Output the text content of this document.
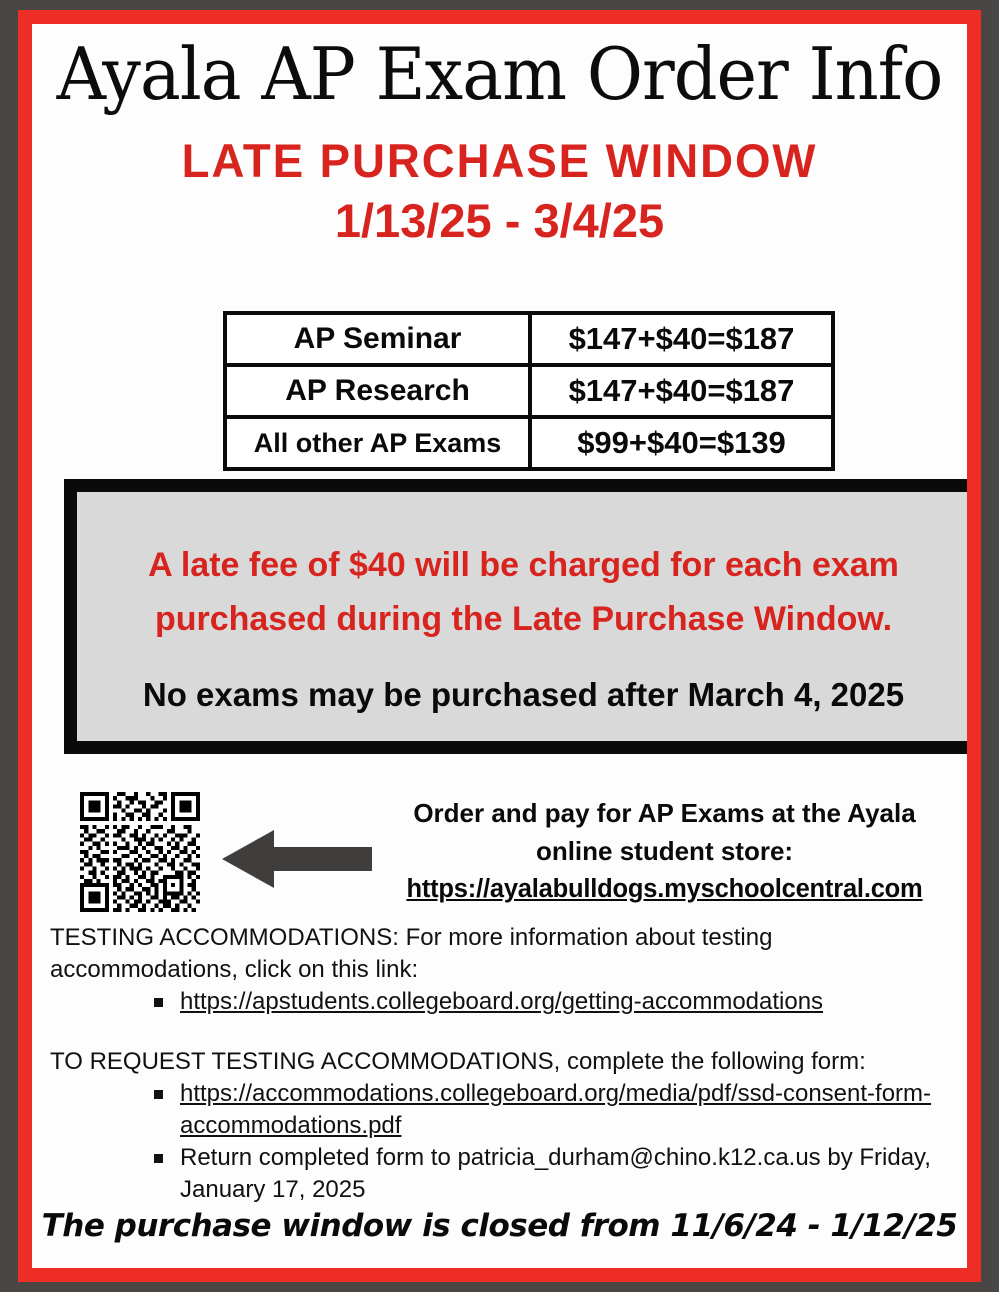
Ayala AP Exam Order Info
LATE PURCHASE WINDOW
1/13/25 - 3/4/25
AP Seminar	$147+$40=$187
AP Research	$147+$40=$187
All other AP Exams	$99+$40=$139

A late fee of $40 will be charged for each exam purchased during the Late Purchase Window.

No exams may be purchased after March 4, 2025

Order and pay for AP Exams at the Ayala
online student store:
https://ayalabulldogs.myschoolcentral.com

TESTING ACCOMMODATIONS: For more information about testing accommodations, click on this link:

https://apstudents.collegeboard.org/getting-accommodations

TO REQUEST TESTING ACCOMMODATIONS, complete the following form:

https://accommodations.collegeboard.org/media/pdf/ssd-consent-form-accommodations.pdf
Return completed form to patricia_durham@chino.k12.ca.us by Friday, January 17, 2025
The purchase window is closed from 11/6/24 - 1/12/25
